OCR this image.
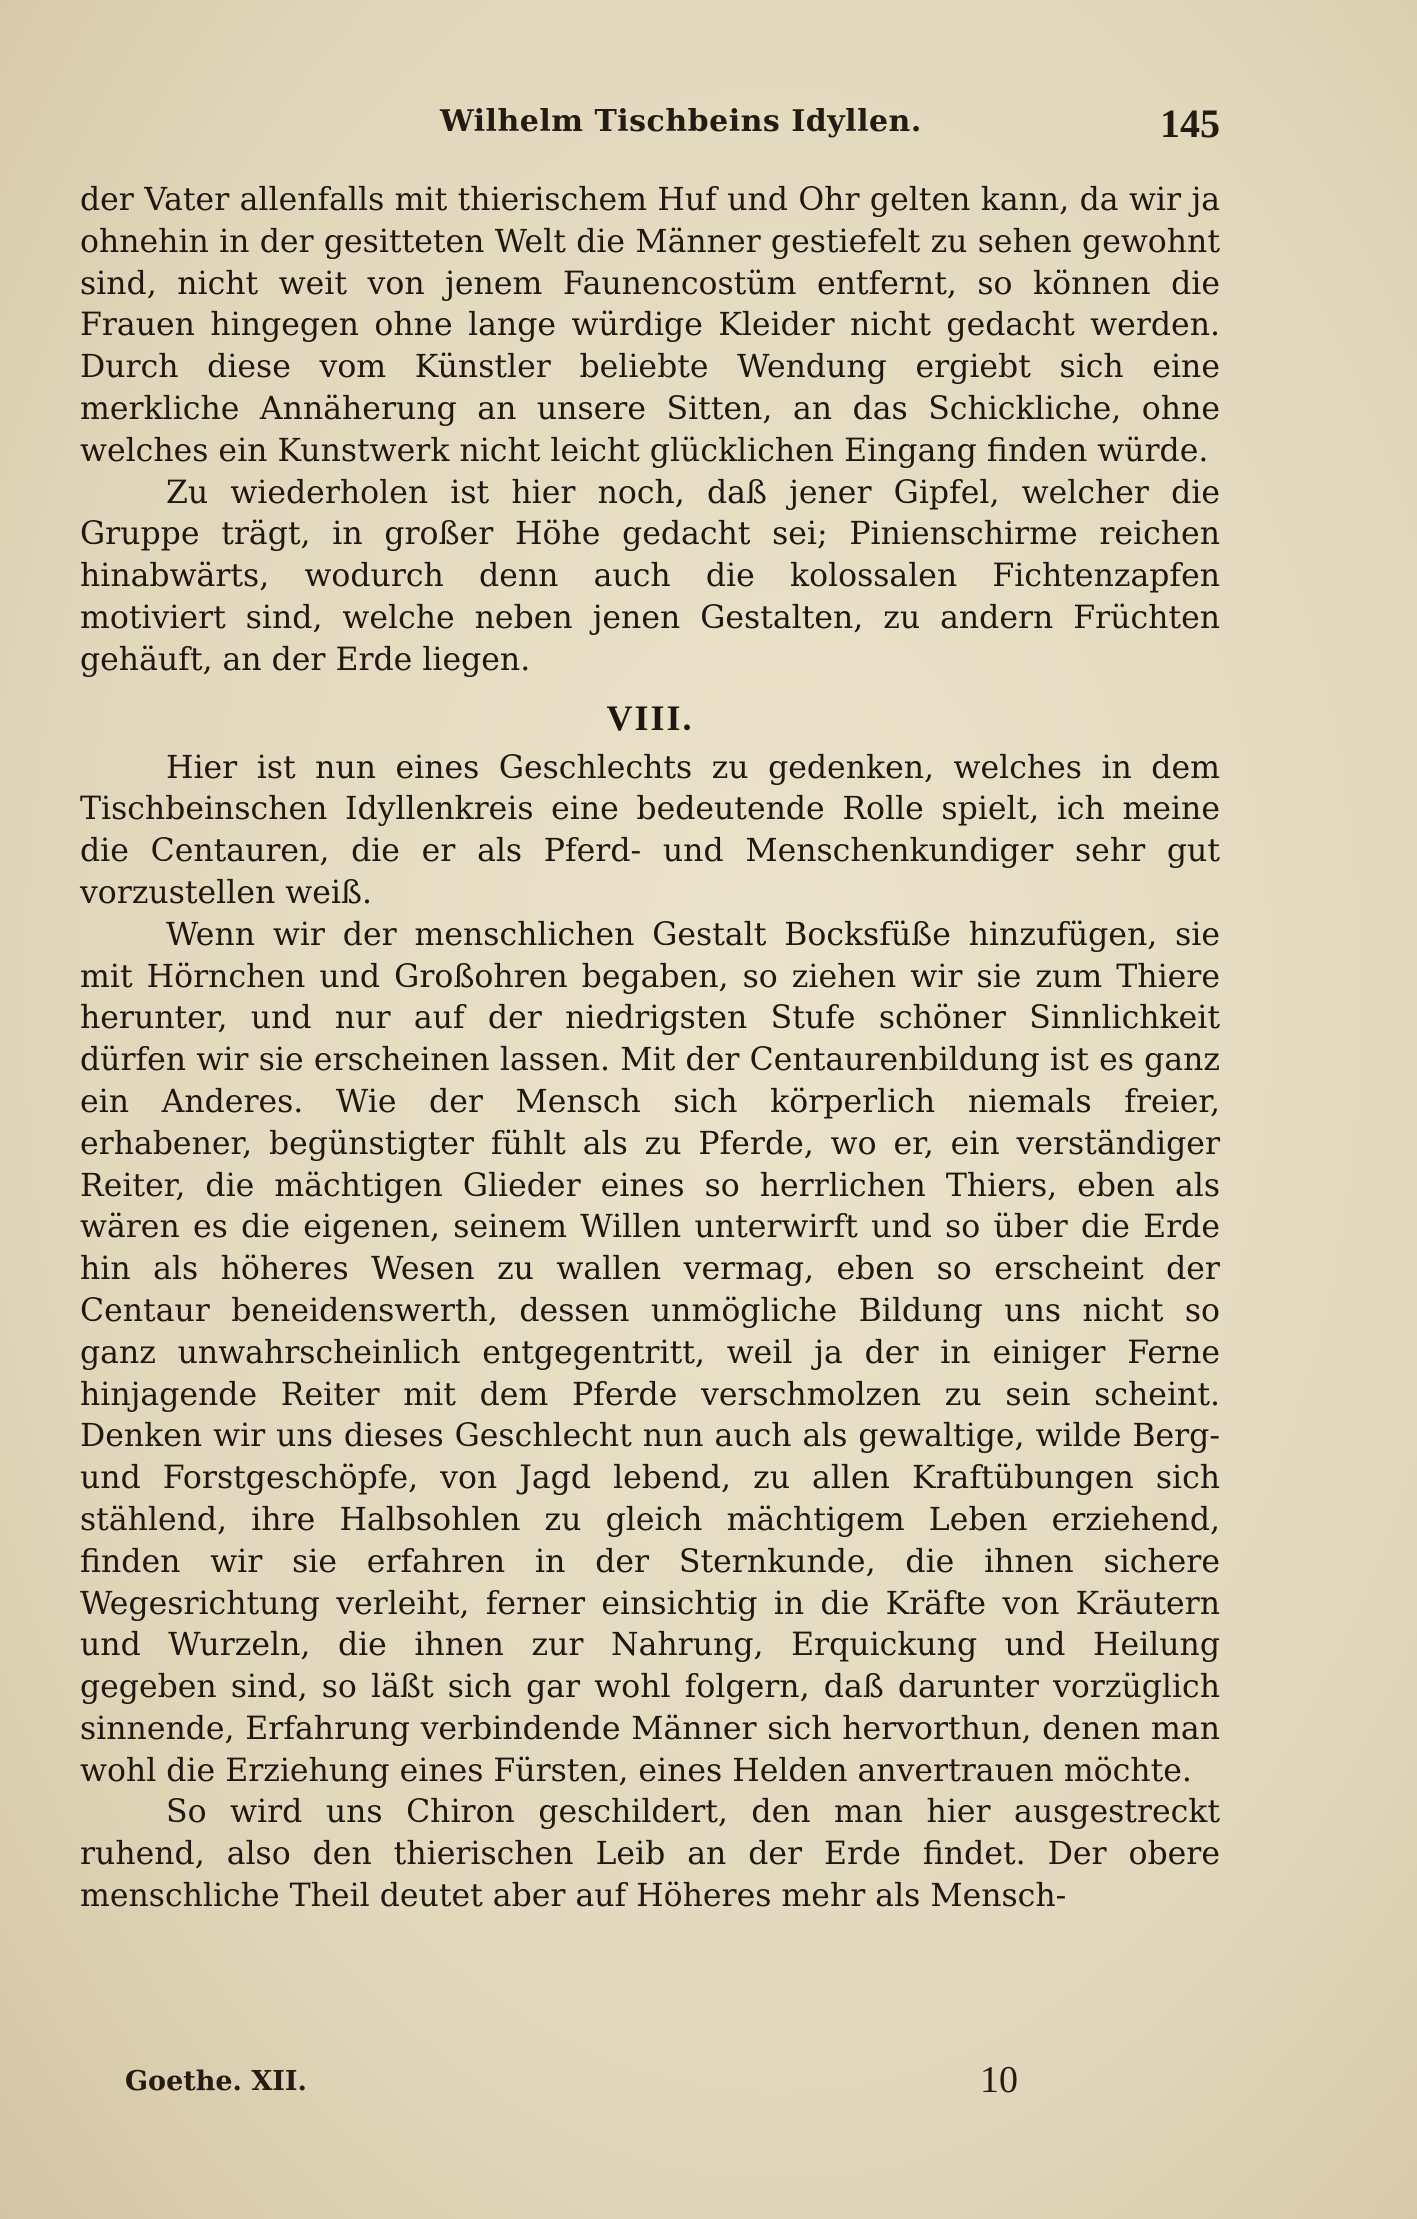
Wilhelm Tischbeins Idyllen.	145

der Vater allenfalls mit thierischem Huf und Ohr gelten kann, da wir ja ohnehin in der gesitteten Welt die Männer gestiefelt zu sehen gewohnt sind, nicht weit von jenem Faunencostüm entfernt, so können die Frauen hingegen ohne lange würdige Kleider nicht gedacht werden. Durch diese vom Künstler beliebte Wendung ergiebt sich eine merkliche Annäherung an unsere Sitten, an das Schickliche, ohne welches ein Kunstwerk nicht leicht glücklichen Eingang finden würde.

Zu wiederholen ist hier noch, daß jener Gipfel, welcher die Gruppe trägt, in großer Höhe gedacht sei; Pinienschirme reichen hinabwärts, wodurch denn auch die kolossalen Fichtenzapfen motiviert sind, welche neben jenen Gestalten, zu andern Früchten gehäuft, an der Erde liegen.

VIII.

Hier ist nun eines Geschlechts zu gedenken, welches in dem Tischbeinschen Idyllenkreis eine bedeutende Rolle spielt, ich meine die Centauren, die er als Pferd- und Menschenkundiger sehr gut vorzustellen weiß.

Wenn wir der menschlichen Gestalt Bocksfüße hinzufügen, sie mit Hörnchen und Großohren begaben, so ziehen wir sie zum Thiere herunter, und nur auf der niedrigsten Stufe schöner Sinnlichkeit dürfen wir sie erscheinen lassen. Mit der Centaurenbildung ist es ganz ein Anderes. Wie der Mensch sich körperlich niemals freier, erhabener, begünstigter fühlt als zu Pferde, wo er, ein verständiger Reiter, die mächtigen Glieder eines so herrlichen Thiers, eben als wären es die eigenen, seinem Willen unterwirft und so über die Erde hin als höheres Wesen zu wallen vermag, eben so erscheint der Centaur beneidenswerth, dessen unmögliche Bildung uns nicht so ganz unwahrscheinlich entgegentritt, weil ja der in einiger Ferne hinjagende Reiter mit dem Pferde verschmolzen zu sein scheint. Denken wir uns dieses Geschlecht nun auch als gewaltige, wilde Berg- und Forstgeschöpfe, von Jagd lebend, zu allen Kraftübungen sich stählend, ihre Halbsohlen zu gleich mächtigem Leben erziehend, finden wir sie erfahren in der Sternkunde, die ihnen sichere Wegesrichtung verleiht, ferner einsichtig in die Kräfte von Kräutern und Wurzeln, die ihnen zur Nahrung, Erquickung und Heilung gegeben sind, so läßt sich gar wohl folgern, daß darunter vorzüglich sinnende, Erfahrung verbindende Männer sich hervorthun, denen man wohl die Erziehung eines Fürsten, eines Helden anvertrauen möchte.

So wird uns Chiron geschildert, den man hier ausgestreckt ruhend, also den thierischen Leib an der Erde findet. Der obere menschliche Theil deutet aber auf Höheres mehr als Mensch-

Goethe. XII.	10
